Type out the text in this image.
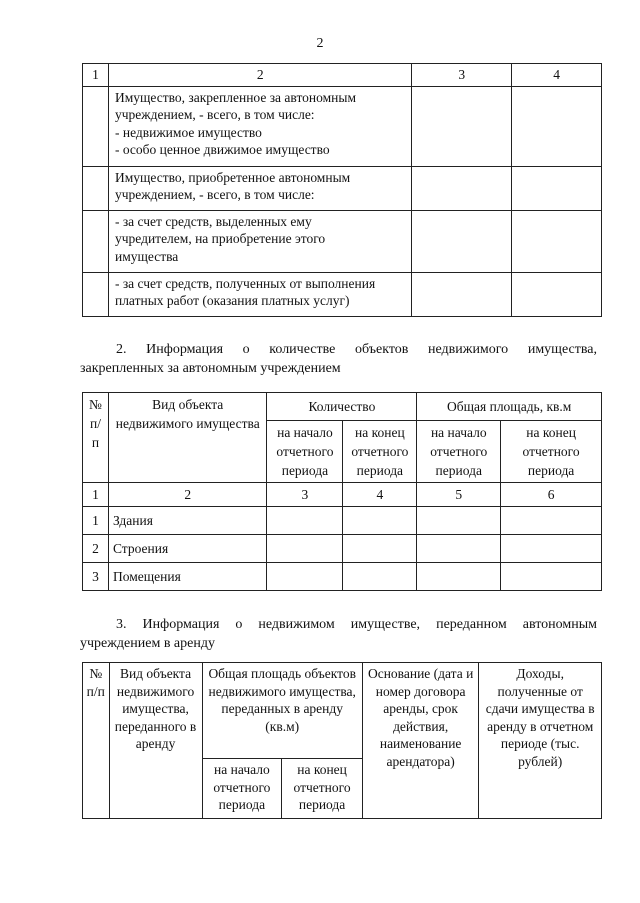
2
1	2	3	4

	Имущество, закрепленное за автономным
учреждением, - всего, в том числе:
- недвижимое имущество
- особо ценное движимое имущество		

	Имущество, приобретенное автономным
учреждением, - всего, в том числе:		

	- за счет средств, выделенных ему
учредителем, на приобретение этого
имущества		

	- за счет средств, полученных от выполнения
платных работ (оказания платных услуг)		

2. Информация о количестве объектов недвижимого имущества,
закрепленных за автономным учреждением
№ п/п	Вид объекта недвижимого имущества	Количество		Общая площадь, кв.м	
		на начало отчетного периода	на конец отчетного периода	на начало отчетного периода	на конец отчетного периода
1	2	3	4	5	6
1	Здания				
2	Строения				
3	Помещения				
3. Информация о недвижимом имуществе, переданном автономным
учреждением в аренду
№ п/п	Вид объекта недвижимого имущества, переданного в аренду	Общая площадь объектов недвижимого имущества, переданных в аренду (кв.м)		Основание (дата и номер договора аренды, срок действия, наименование арендатора)	Доходы, полученные от сдачи имущества в аренду в отчетном периоде (тыс. рублей)
		на начало отчетного периода	на конец отчетного периода		
